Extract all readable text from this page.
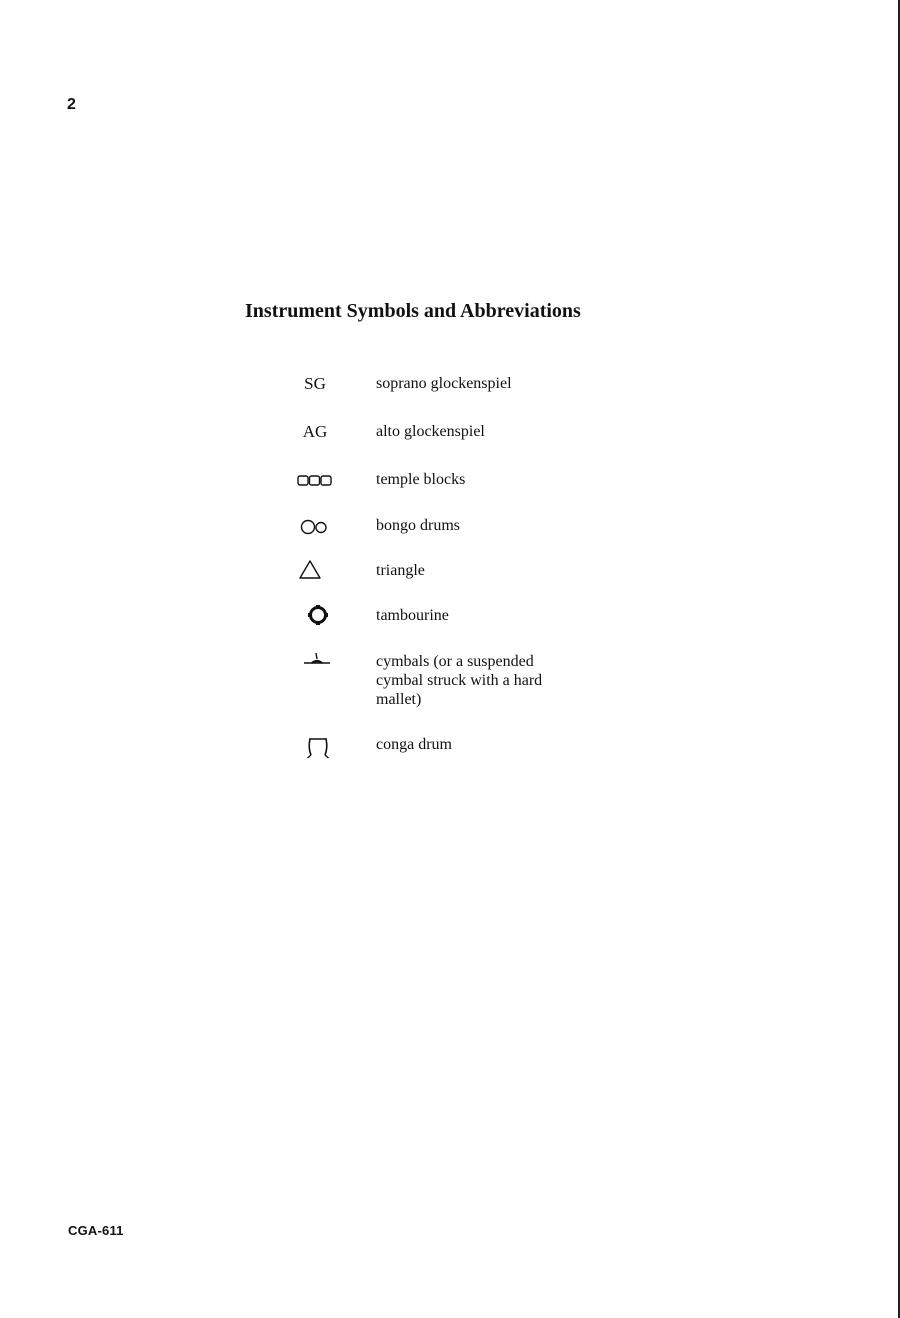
2
Instrument Symbols and Abbreviations
SG	soprano glockenspiel
AG	alto glockenspiel
temple blocks
bongo drums
triangle
tambourine
cymbals (or a suspended cymbal struck with a hard mallet)
conga drum
CGA-611
